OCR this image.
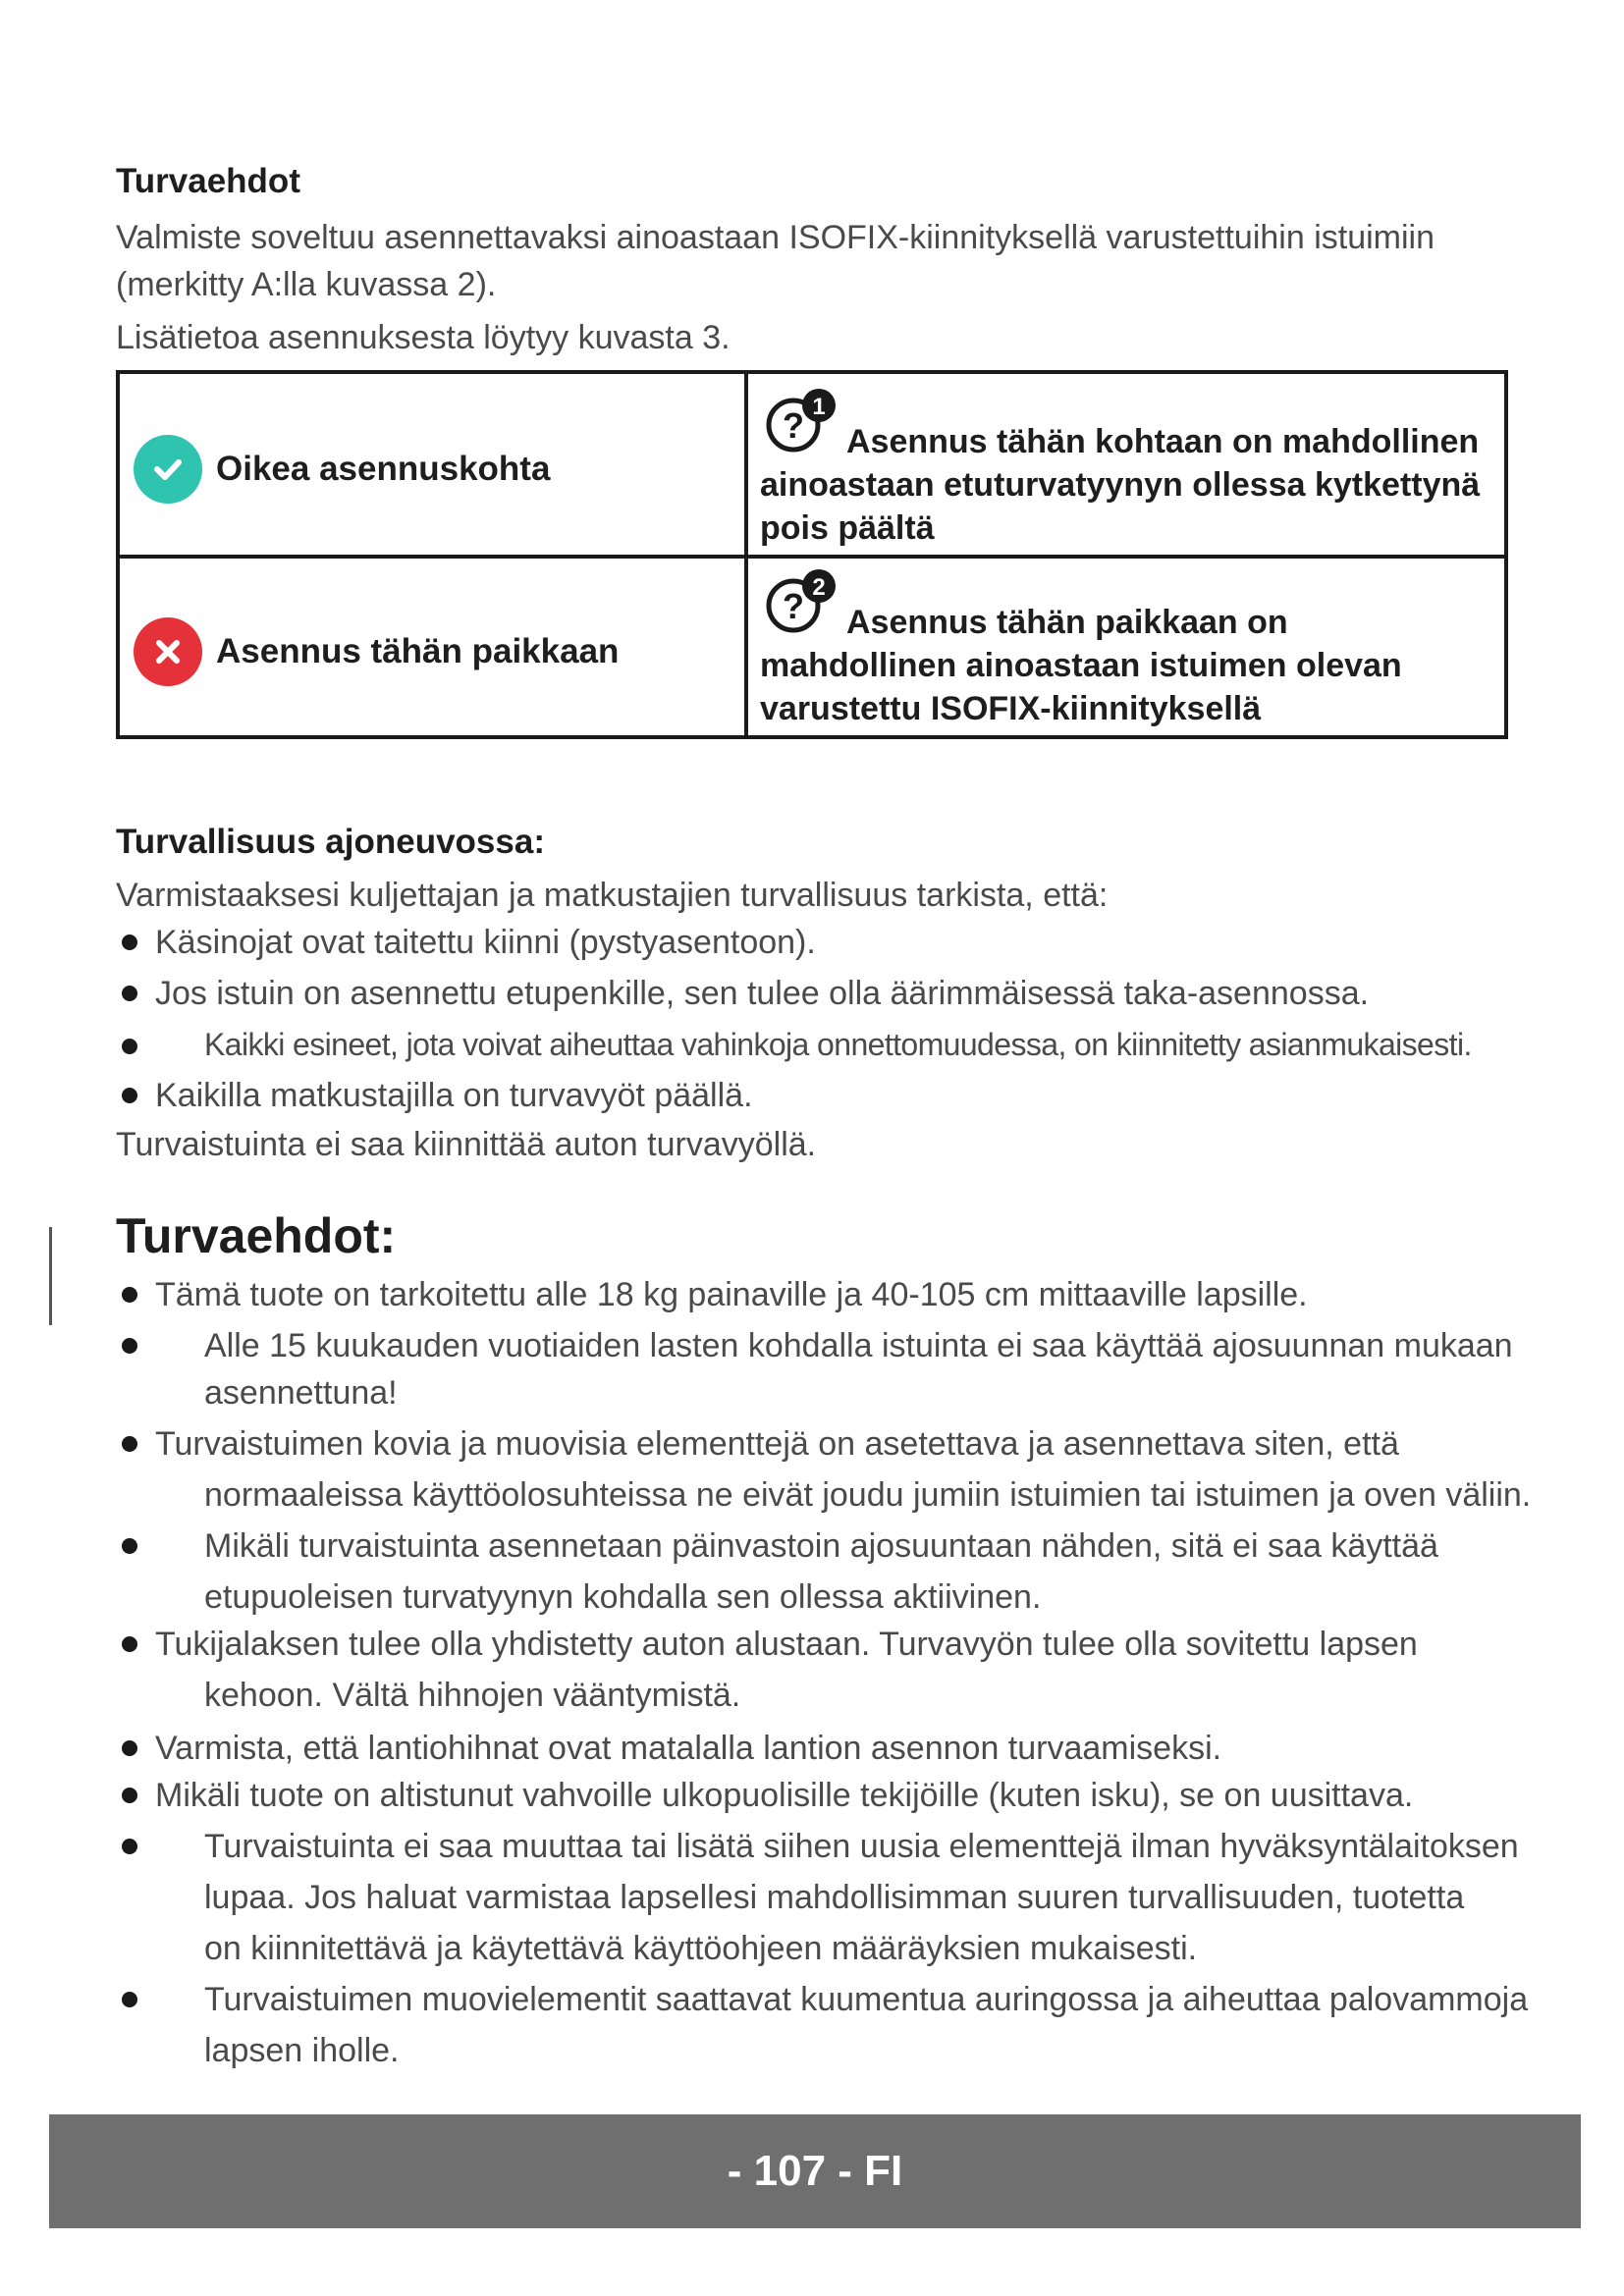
Turvaehdot
Valmiste soveltuu asennettavaksi ainoastaan ISOFIX-kiinnityksellä varustettuihin istuimiin
(merkitty A:lla kuvassa 2).
Lisätietoa asennuksesta löytyy kuvasta 3.
Oikea asennuskohta
Asennus tähän paikkaan
? 1
Asennus tähän kohtaan on mahdollinen
ainoastaan etuturvatyynyn ollessa kytkettynä
pois päältä
? 2
Asennus tähän paikkaan on
mahdollinen ainoastaan istuimen olevan
varustettu ISOFIX-kiinnityksellä
Turvallisuus ajoneuvossa:
Varmistaaksesi kuljettajan ja matkustajien turvallisuus tarkista, että:
Käsinojat ovat taitettu kiinni (pystyasentoon).
Jos istuin on asennettu etupenkille, sen tulee olla äärimmäisessä taka-asennossa.
Kaikki esineet, jota voivat aiheuttaa vahinkoja onnettomuudessa, on kiinnitetty asianmukaisesti.
Kaikilla matkustajilla on turvavyöt päällä.
Turvaistuinta ei saa kiinnittää auton turvavyöllä.
Turvaehdot:
Tämä tuote on tarkoitettu alle 18 kg painaville ja 40-105 cm mittaaville lapsille.
Alle 15 kuukauden vuotiaiden lasten kohdalla istuinta ei saa käyttää ajosuunnan mukaan
asennettuna!
Turvaistuimen kovia ja muovisia elementtejä on asetettava ja asennettava siten, että
normaaleissa käyttöolosuhteissa ne eivät joudu jumiin istuimien tai istuimen ja oven väliin.
Mikäli turvaistuinta asennetaan päinvastoin ajosuuntaan nähden, sitä ei saa käyttää
etupuoleisen turvatyynyn kohdalla sen ollessa aktiivinen.
Tukijalaksen tulee olla yhdistetty auton alustaan. Turvavyön tulee olla sovitettu lapsen
kehoon. Vältä hihnojen vääntymistä.
Varmista, että lantiohihnat ovat matalalla lantion asennon turvaamiseksi.
Mikäli tuote on altistunut vahvoille ulkopuolisille tekijöille (kuten isku), se on uusittava.
Turvaistuinta ei saa muuttaa tai lisätä siihen uusia elementtejä ilman hyväksyntälaitoksen
lupaa. Jos haluat varmistaa lapsellesi mahdollisimman suuren turvallisuuden, tuotetta
on kiinnitettävä ja käytettävä käyttöohjeen määräyksien mukaisesti.
Turvaistuimen muovielementit saattavat kuumentua auringossa ja aiheuttaa palovammoja
lapsen iholle.
- 107 - FI
